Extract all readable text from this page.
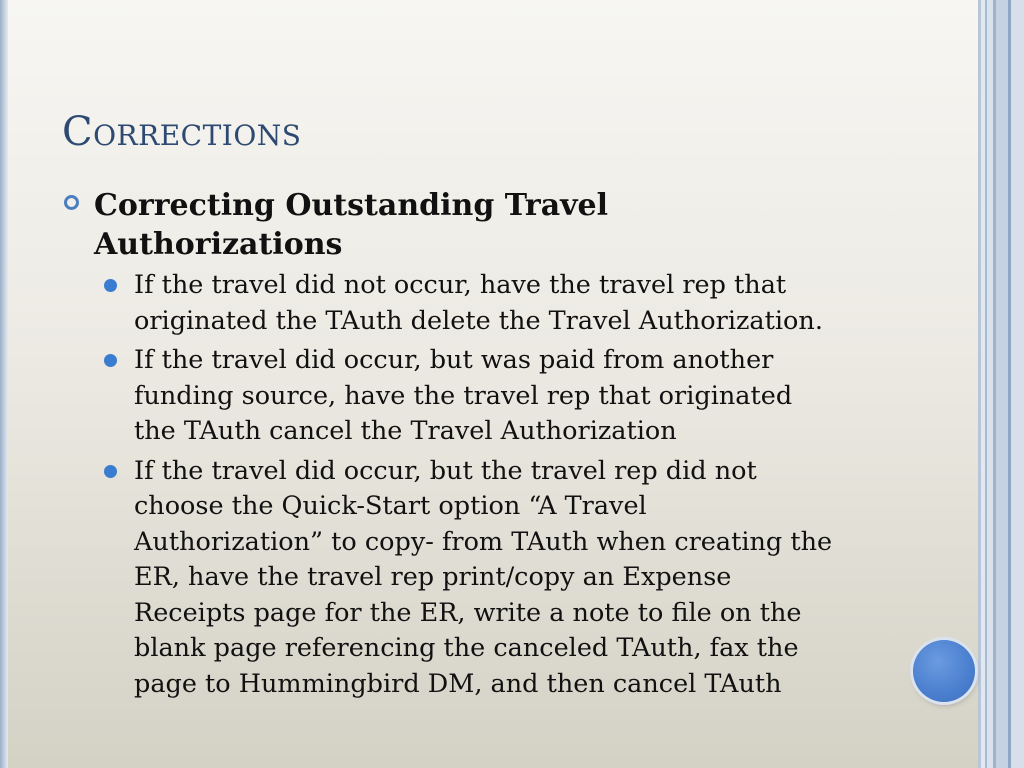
Corrections
Correcting Outstanding Travel
Authorizations
If the travel did not occur, have the travel rep that
originated the TAuth delete the Travel Authorization.
If the travel did occur, but was paid from another
funding source, have the travel rep that originated
the TAuth cancel the Travel Authorization
If the travel did occur, but the travel rep did not
choose the Quick-Start option “A Travel
Authorization” to copy- from TAuth when creating the
ER, have the travel rep print/copy an Expense
Receipts page for the ER, write a note to file on the
blank page referencing the canceled TAuth, fax the
page to Hummingbird DM, and then cancel TAuth
